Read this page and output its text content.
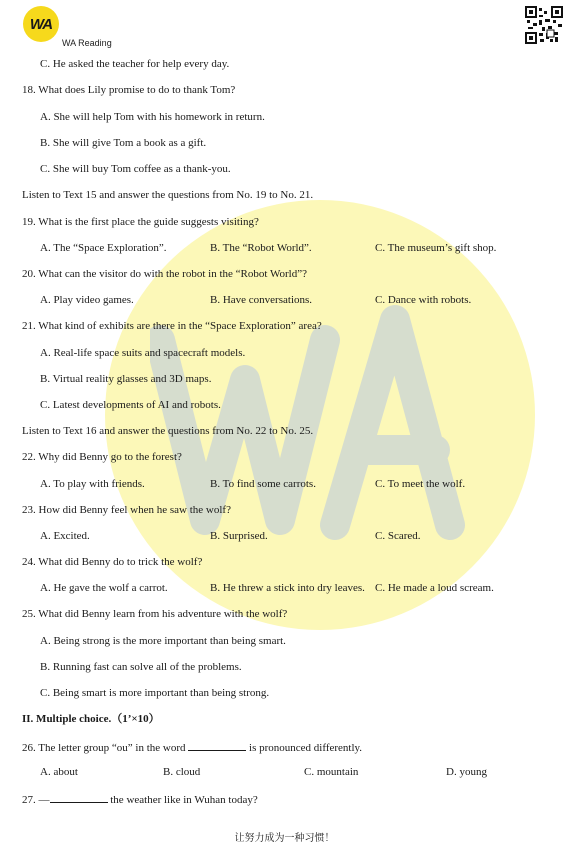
WA
WA Reading
C. He asked the teacher for help every day.
18. What does Lily promise to do to thank Tom?
A. She will help Tom with his homework in return.
B. She will give Tom a book as a gift.
C. She will buy Tom coffee as a thank-you.
Listen to Text 15 and answer the questions from No. 19 to No. 21.
19. What is the first place the guide suggests visiting?
A. The “Space Exploration”.	B. The “Robot World”.	C. The museum’s gift shop.
20. What can the visitor do with the robot in the “Robot World”?
A. Play video games.	B. Have conversations.	C. Dance with robots.
21. What kind of exhibits are there in the “Space Exploration” area?
A. Real-life space suits and spacecraft models.
B. Virtual reality glasses and 3D maps.
C. Latest developments of AI and robots.
Listen to Text 16 and answer the questions from No. 22 to No. 25.
22. Why did Benny go to the forest?
A. To play with friends.	B. To find some carrots.	C. To meet the wolf.
23. How did Benny feel when he saw the wolf?
A. Excited.	B. Surprised.	C. Scared.
24. What did Benny do to trick the wolf?
A. He gave the wolf a carrot.	B. He threw a stick into dry leaves. C. He made a loud scream.
25. What did Benny learn from his adventure with the wolf?
A. Being strong is the more important than being smart.
B. Running fast can solve all of the problems.
C. Being smart is more important than being strong.
II. Multiple choice.（1’×10）
26. The letter group “ou” in the word	is pronounced differently.
A. about	B. cloud	C. mountain	D. young
27. —	the weather like in Wuhan today?
让努力成为一种习惯！
